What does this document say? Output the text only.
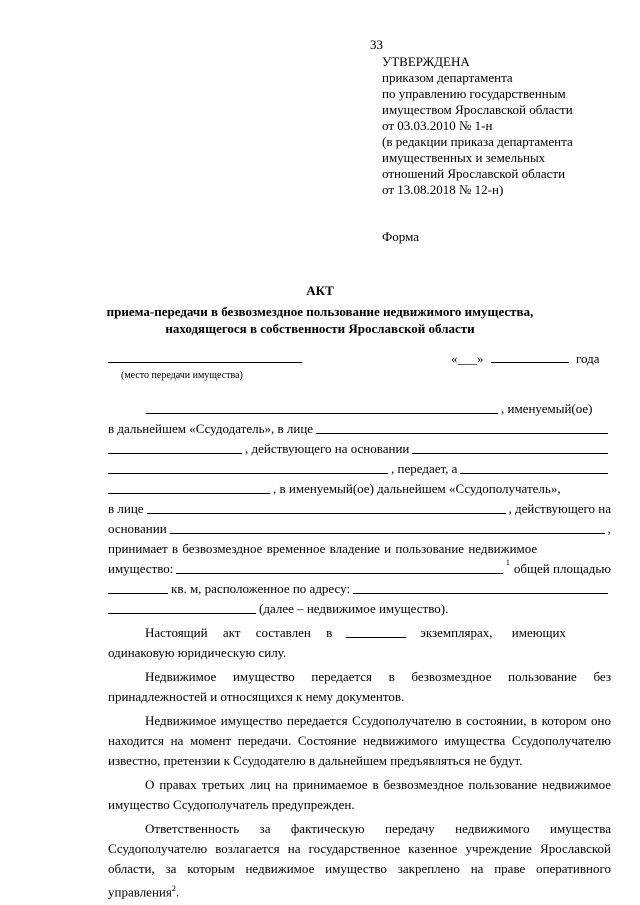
33
УТВЕРЖДЕНА
приказом департамента
по управлению государственным
имуществом Ярославской области
от 03.03.2010 № 1-н
(в редакции приказа департамента
имущественных и земельных
отношений Ярославской области
от 13.08.2018 № 12-н)
Форма
АКТ
приема-передачи в безвозмездное пользование недвижимого имущества,
находящегося в собственности Ярославской области
(место передачи имущества)
«___»	года
, именуемый(ое)
в дальнейшем «Ссудодатель», в лице
, действующего на основании
, передает, а
, в именуемый(ое) дальнейшем «Ссудополучатель»,
в лице	, действующего на
основании	,
принимает в безвозмездное временное владение и пользование недвижимое
имущество:	$^1$ общей площадью
кв. м, расположенное по адресу:
(далее – недвижимое имущество).
Настоящий акт составлен в	экземплярах, имеющих
одинаковую юридическую силу.

Недвижимое имущество передается в безвозмездное пользование без принадлежностей и относящихся к нему документов.

Недвижимое имущество передается Ссудополучателю в состоянии, в котором оно находится на момент передачи. Состояние недвижимого имущества Ссудополучателю известно, претензии к Ссудодателю в дальнейшем предъявляться не будут.

О правах третьих лиц на принимаемое в безвозмездное пользование недвижимое имущество Ссудополучатель предупрежден.

Ответственность за фактическую передачу недвижимого имущества Ссудополучателю возлагается на государственное казенное учреждение Ярославской области, за которым недвижимое имущество закреплено на праве оперативного управления$^2$.
